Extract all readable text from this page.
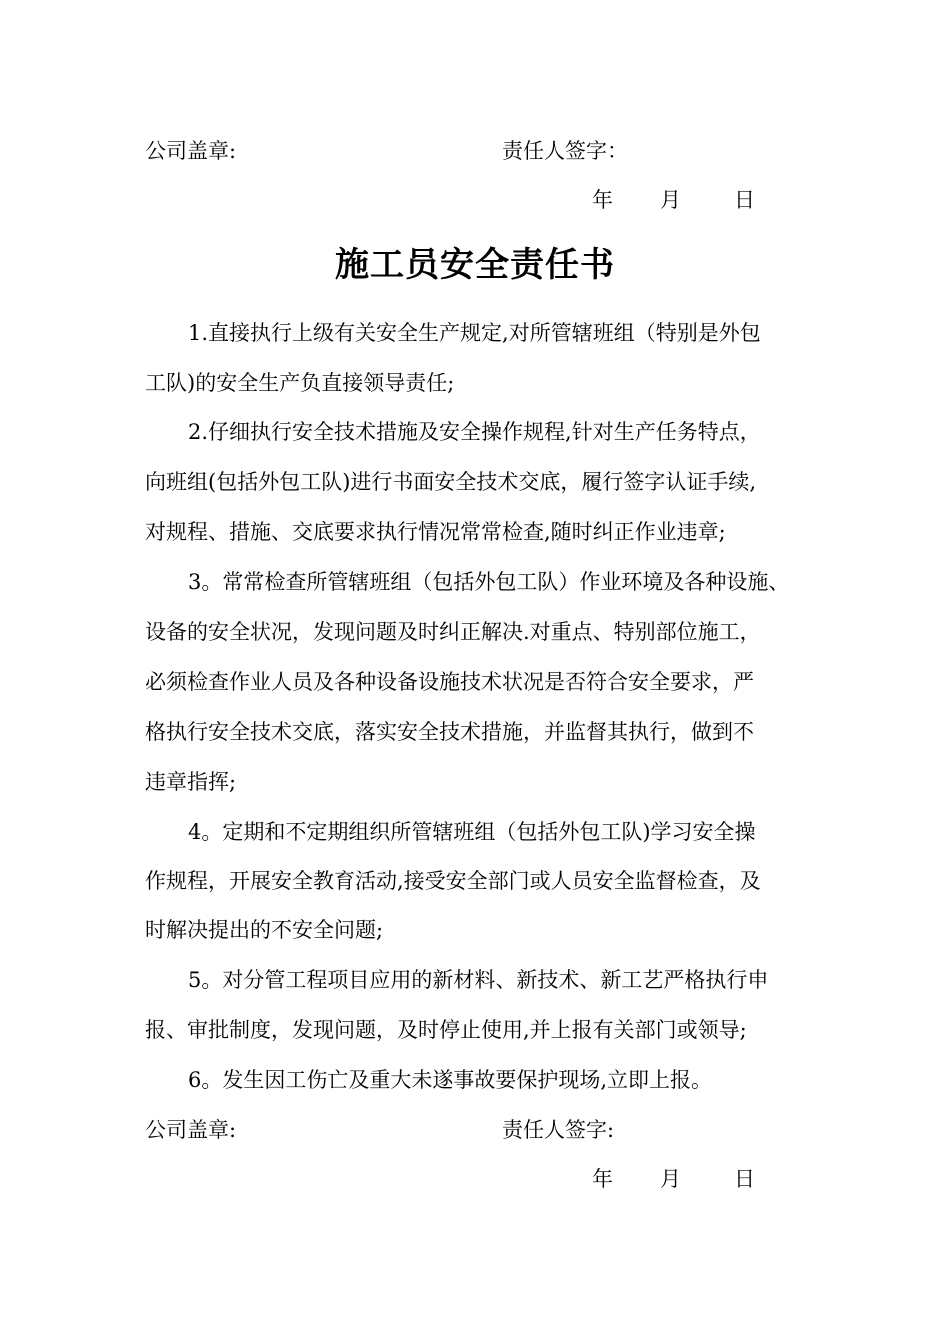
公司盖章:	责任人签字：
年 月	日
施工员安全责任书
1.直接执行上级有关安全生产规定,对所管辖班组（特别是外包
工队)的安全生产负直接领导责任;
2.仔细执行安全技术措施及安全操作规程,针对生产任务特点，
向班组(包括外包工队)进行书面安全技术交底，履行签字认证手续,
对规程、措施、交底要求执行情况常常检查,随时纠正作业违章;
3。常常检查所管辖班组（包括外包工队）作业环境及各种设施、
设备的安全状况，发现问题及时纠正解决.对重点、特别部位施工，
必须检查作业人员及各种设备设施技术状况是否符合安全要求，严
格执行安全技术交底，落实安全技术措施，并监督其执行，做到不
违章指挥;
4。定期和不定期组织所管辖班组（包括外包工队)学习安全操
作规程，开展安全教育活动,接受安全部门或人员安全监督检查，及
时解决提出的不安全问题;
5。对分管工程项目应用的新材料、新技术、新工艺严格执行申
报、审批制度，发现问题，及时停止使用,并上报有关部门或领导;
6。发生因工伤亡及重大未遂事故要保护现场,立即上报。
公司盖章:	责任人签字:
年 月	日
